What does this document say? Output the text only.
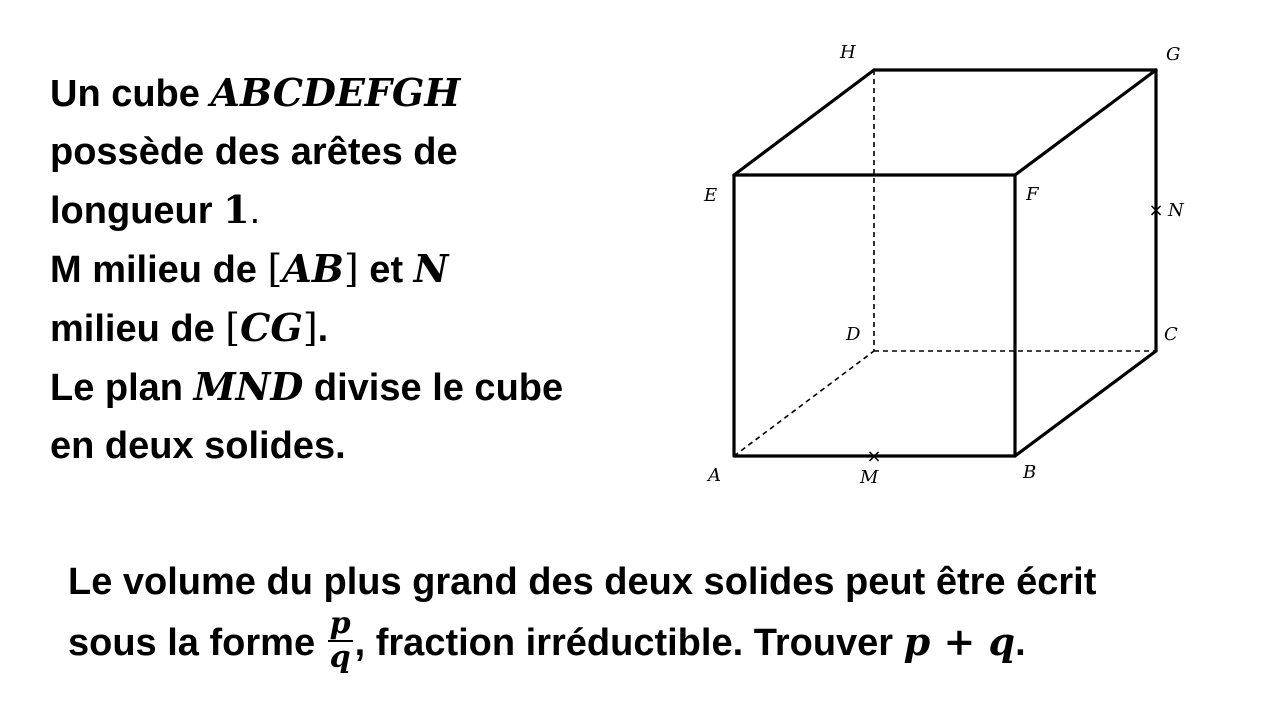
Un cube ABCDEFGH
possède des arêtes de
longueur 1.
M milieu de [AB] et N
milieu de [CG].
Le plan MND divise le cube
en deux solides.	×
×
H	G
E	F
N
D	C
A	M	B
Le volume du plus grand des deux solides peut être écrit
sous la forme $\frac{p}{q}$ , fraction irréductible. Trouver p + q.
